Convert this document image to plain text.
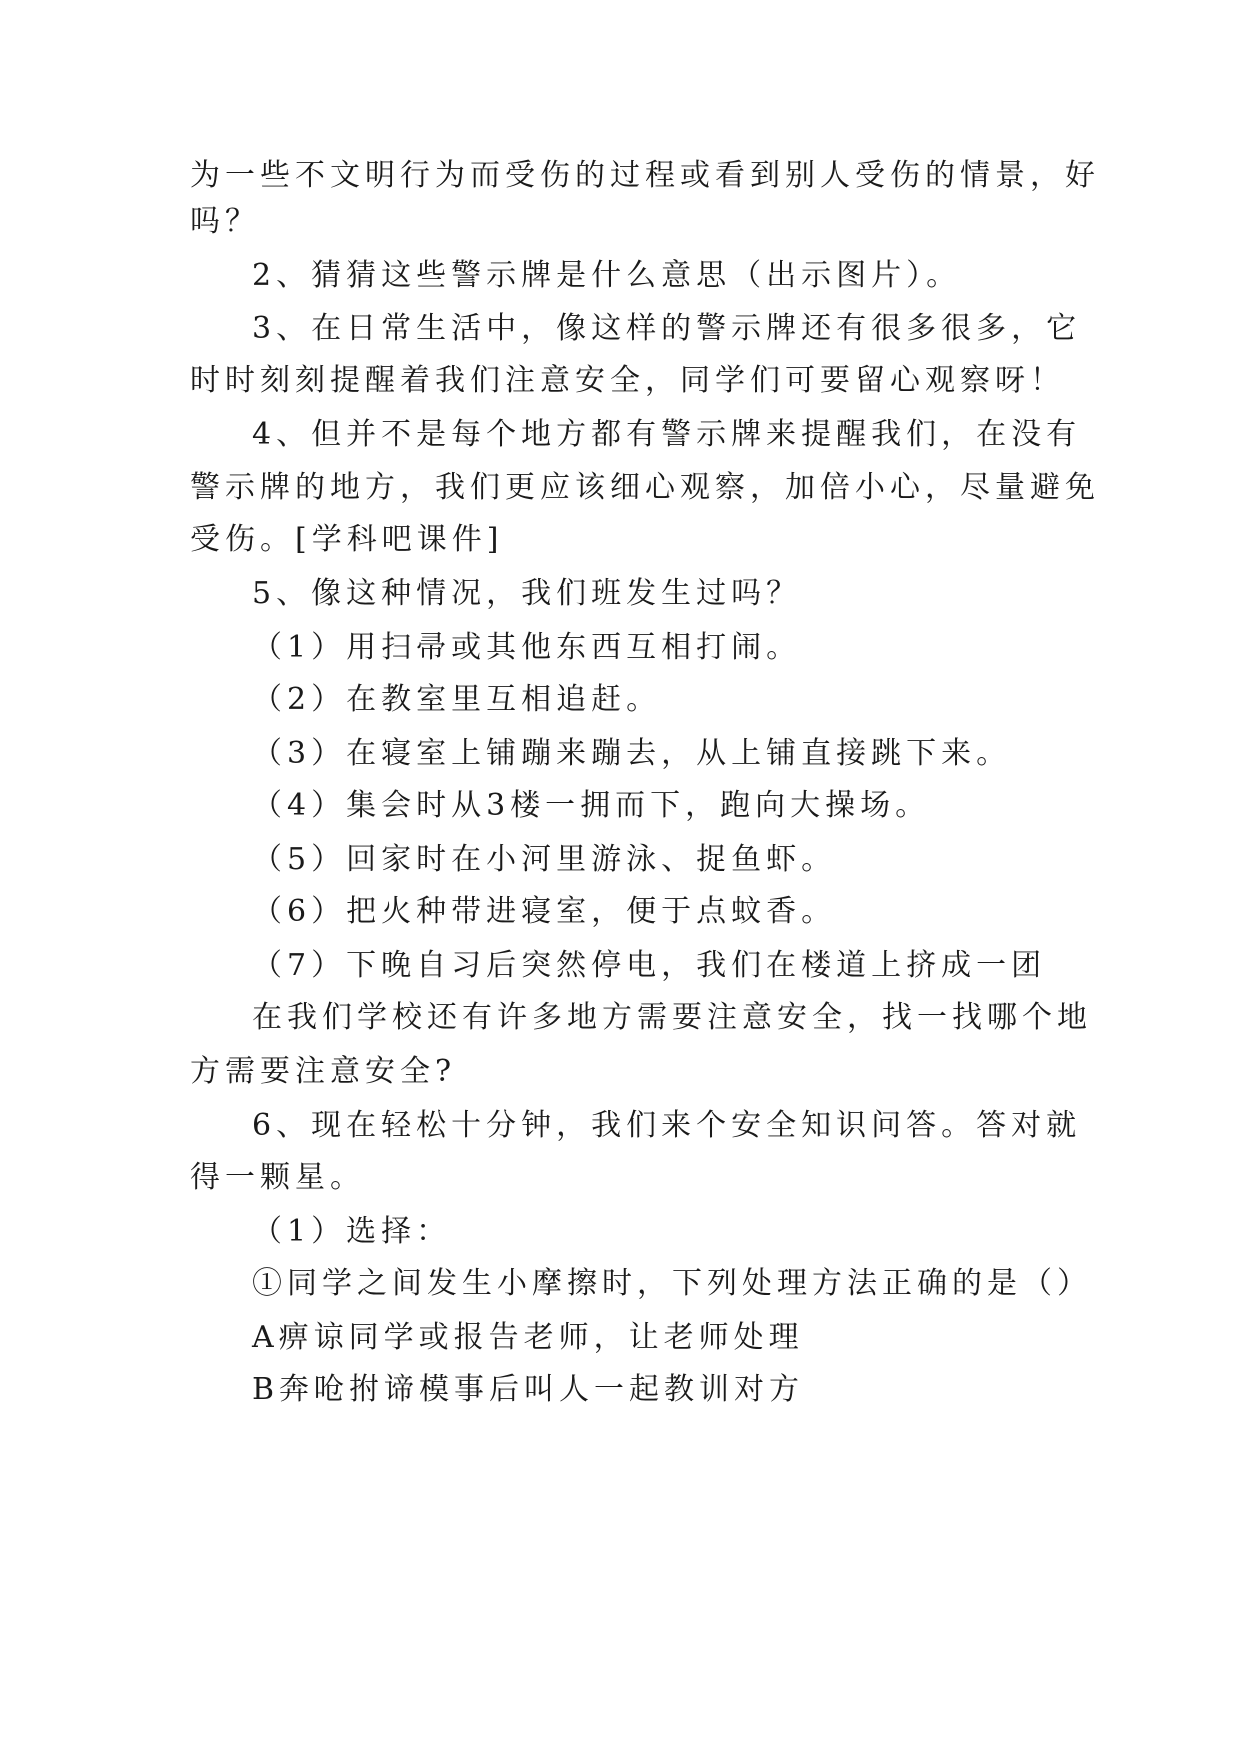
为一些不文明行为而受伤的过程或看到别人受伤的情景，好
吗？
2、猜猜这些警示牌是什么意思（出示图片）。
3、在日常生活中，像这样的警示牌还有很多很多，它
时时刻刻提醒着我们注意安全，同学们可要留心观察呀！
4、但并不是每个地方都有警示牌来提醒我们，在没有
警示牌的地方，我们更应该细心观察，加倍小心，尽量避免
受伤。[学科吧课件]
5、像这种情况，我们班发生过吗？
（1）用扫帚或其他东西互相打闹。
（2）在教室里互相追赶。
（3）在寝室上铺蹦来蹦去，从上铺直接跳下来。
（4）集会时从3楼一拥而下，跑向大操场。
（5）回家时在小河里游泳、捉鱼虾。
（6）把火种带进寝室，便于点蚊香。
（7）下晚自习后突然停电，我们在楼道上挤成一团
在我们学校还有许多地方需要注意安全，找一找哪个地
方需要注意安全?
6、现在轻松十分钟，我们来个安全知识问答。答对就
得一颗星。
（1）选择：
①同学之间发生小摩擦时，下列处理方法正确的是（）
A痹谅同学或报告老师，让老师处理
B奔呛拊谛模事后叫人一起教训对方
